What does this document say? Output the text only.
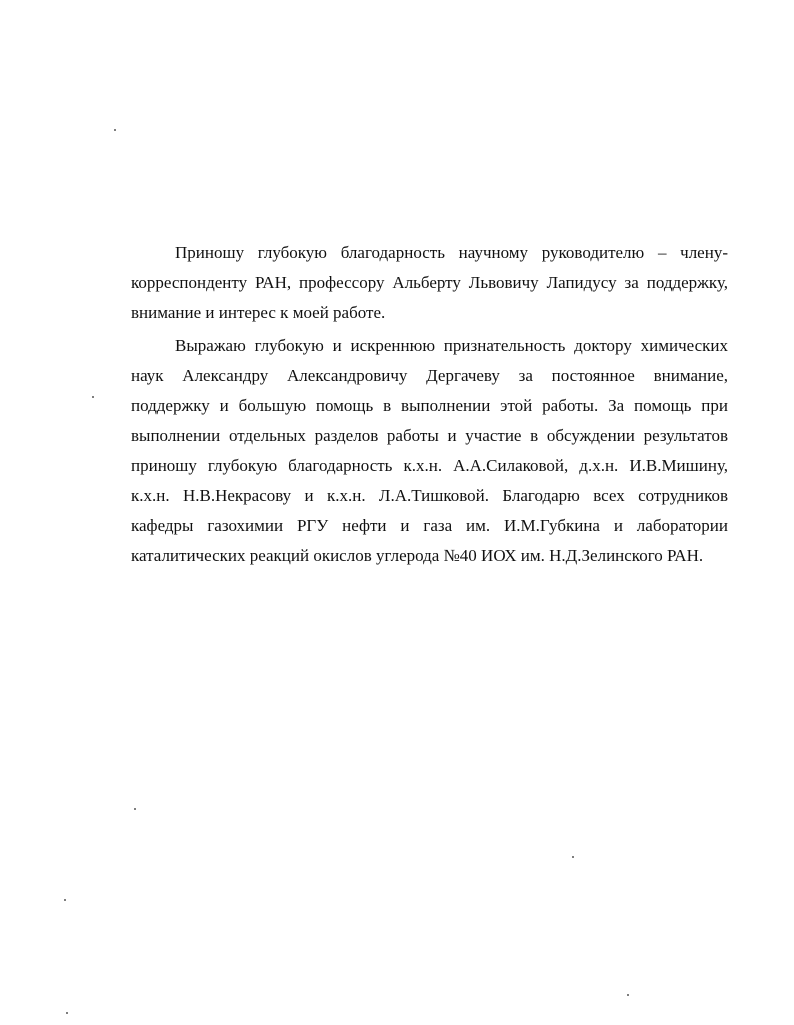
Приношу глубокую благодарность научному руководителю – члену-
корреспонденту РАН, профессору Альберту Львовичу Лапидусу за поддержку,
внимание и интерес к моей работе.
Выражаю глубокую и искреннюю признательность доктору химических
наук Александру Александровичу Дергачеву за постоянное внимание,
поддержку и большую помощь в выполнении этой работы. За помощь при
выполнении отдельных разделов работы и участие в обсуждении результатов
приношу глубокую благодарность к.х.н. А.А.Силаковой, д.х.н. И.В.Мишину,
к.х.н. Н.В.Некрасову и к.х.н. Л.А.Тишковой. Благодарю всех сотрудников
кафедры газохимии РГУ нефти и газа им. И.М.Губкина и лаборатории
каталитических реакций окислов углерода №40 ИОХ им. Н.Д.Зелинского РАН.
